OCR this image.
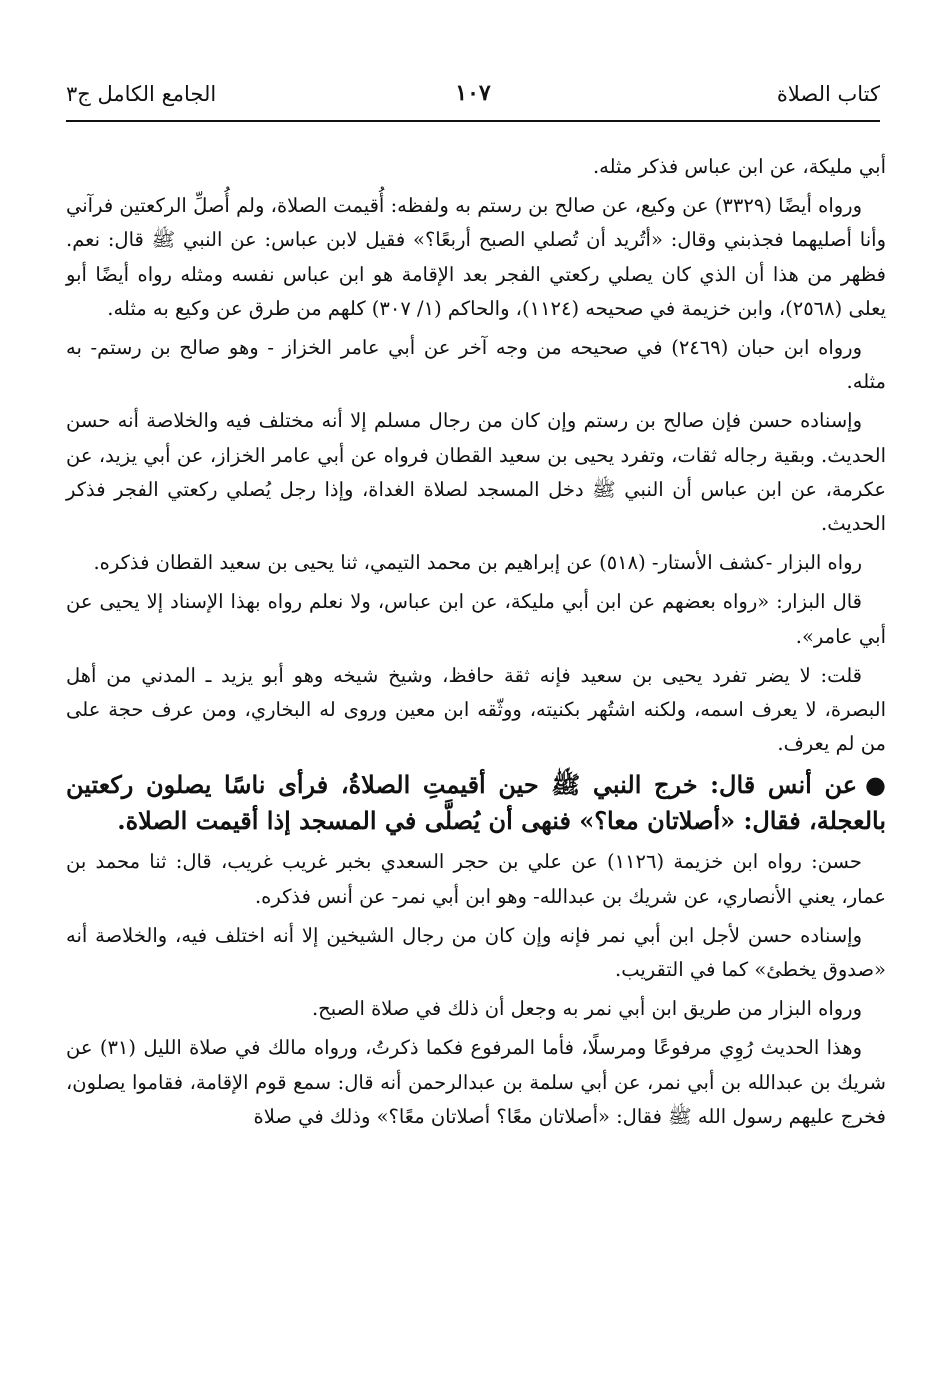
كتاب الصلاة
١٠٧
الجامع الكامل ج٣

أبي مليكة، عن ابن عباس فذكر مثله.

ورواه أيضًا (٣٣٢٩) عن وكيع، عن صالح بن رستم به ولفظه: أُقيمت الصلاة، ولم أُصلِّ الركعتين فرآني وأنا أصليهما فجذبني وقال: «أتُريد أن تُصلي الصبح أربعًا؟» فقيل لابن عباس: عن النبي ﷺ قال: نعم. فظهر من هذا أن الذي كان يصلي ركعتي الفجر بعد الإقامة هو ابن عباس نفسه ومثله رواه أيضًا أبو يعلى (٢٥٦٨)، وابن خزيمة في صحيحه (١١٢٤)، والحاكم (١/ ٣٠٧) كلهم من طرق عن وكيع به مثله.

ورواه ابن حبان (٢٤٦٩) في صحيحه من وجه آخر عن أبي عامر الخزاز - وهو صالح بن رستم- به مثله.

وإسناده حسن فإن صالح بن رستم وإن كان من رجال مسلم إلا أنه مختلف فيه والخلاصة أنه حسن الحديث. وبقية رجاله ثقات، وتفرد يحيى بن سعيد القطان فرواه عن أبي عامر الخزاز، عن أبي يزيد، عن عكرمة، عن ابن عباس أن النبي ﷺ دخل المسجد لصلاة الغداة، وإذا رجل يُصلي ركعتي الفجر فذكر الحديث.

رواه البزار -كشف الأستار- (٥١٨) عن إبراهيم بن محمد التيمي، ثنا يحيى بن سعيد القطان فذكره.

قال البزار: «رواه بعضهم عن ابن أبي مليكة، عن ابن عباس، ولا نعلم رواه بهذا الإسناد إلا يحيى عن أبي عامر».

قلت: لا يضر تفرد يحيى بن سعيد فإنه ثقة حافظ، وشيخ شيخه وهو أبو يزيد ـ المدني من أهل البصرة، لا يعرف اسمه، ولكنه اشتُهر بكنيته، ووثّقه ابن معين وروى له البخاري، ومن عرف حجة على من لم يعرف.

●عن أنس قال: خرج النبي ﷺ حين أقيمتِ الصلاةُ، فرأى ناسًا يصلون ركعتين بالعجلة، فقال: «أصلاتان معا؟» فنهى أن يُصلَّى في المسجد إذا أقيمت الصلاة.

حسن: رواه ابن خزيمة (١١٢٦) عن علي بن حجر السعدي بخبر غريب غريب، قال: ثنا محمد بن عمار، يعني الأنصاري، عن شريك بن عبدالله- وهو ابن أبي نمر- عن أنس فذكره.

وإسناده حسن لأجل ابن أبي نمر فإنه وإن كان من رجال الشيخين إلا أنه اختلف فيه، والخلاصة أنه «صدوق يخطئ» كما في التقريب.

ورواه البزار من طريق ابن أبي نمر به وجعل أن ذلك في صلاة الصبح.

وهذا الحديث رُوِي مرفوعًا ومرسلًا، فأما المرفوع فكما ذكرتُ، ورواه مالك في صلاة الليل (٣١) عن شريك بن عبدالله بن أبي نمر، عن أبي سلمة بن عبدالرحمن أنه قال: سمع قوم الإقامة، فقاموا يصلون، فخرج عليهم رسول الله ﷺ فقال: «أصلاتان معًا؟ أصلاتان معًا؟» وذلك في صلاة
